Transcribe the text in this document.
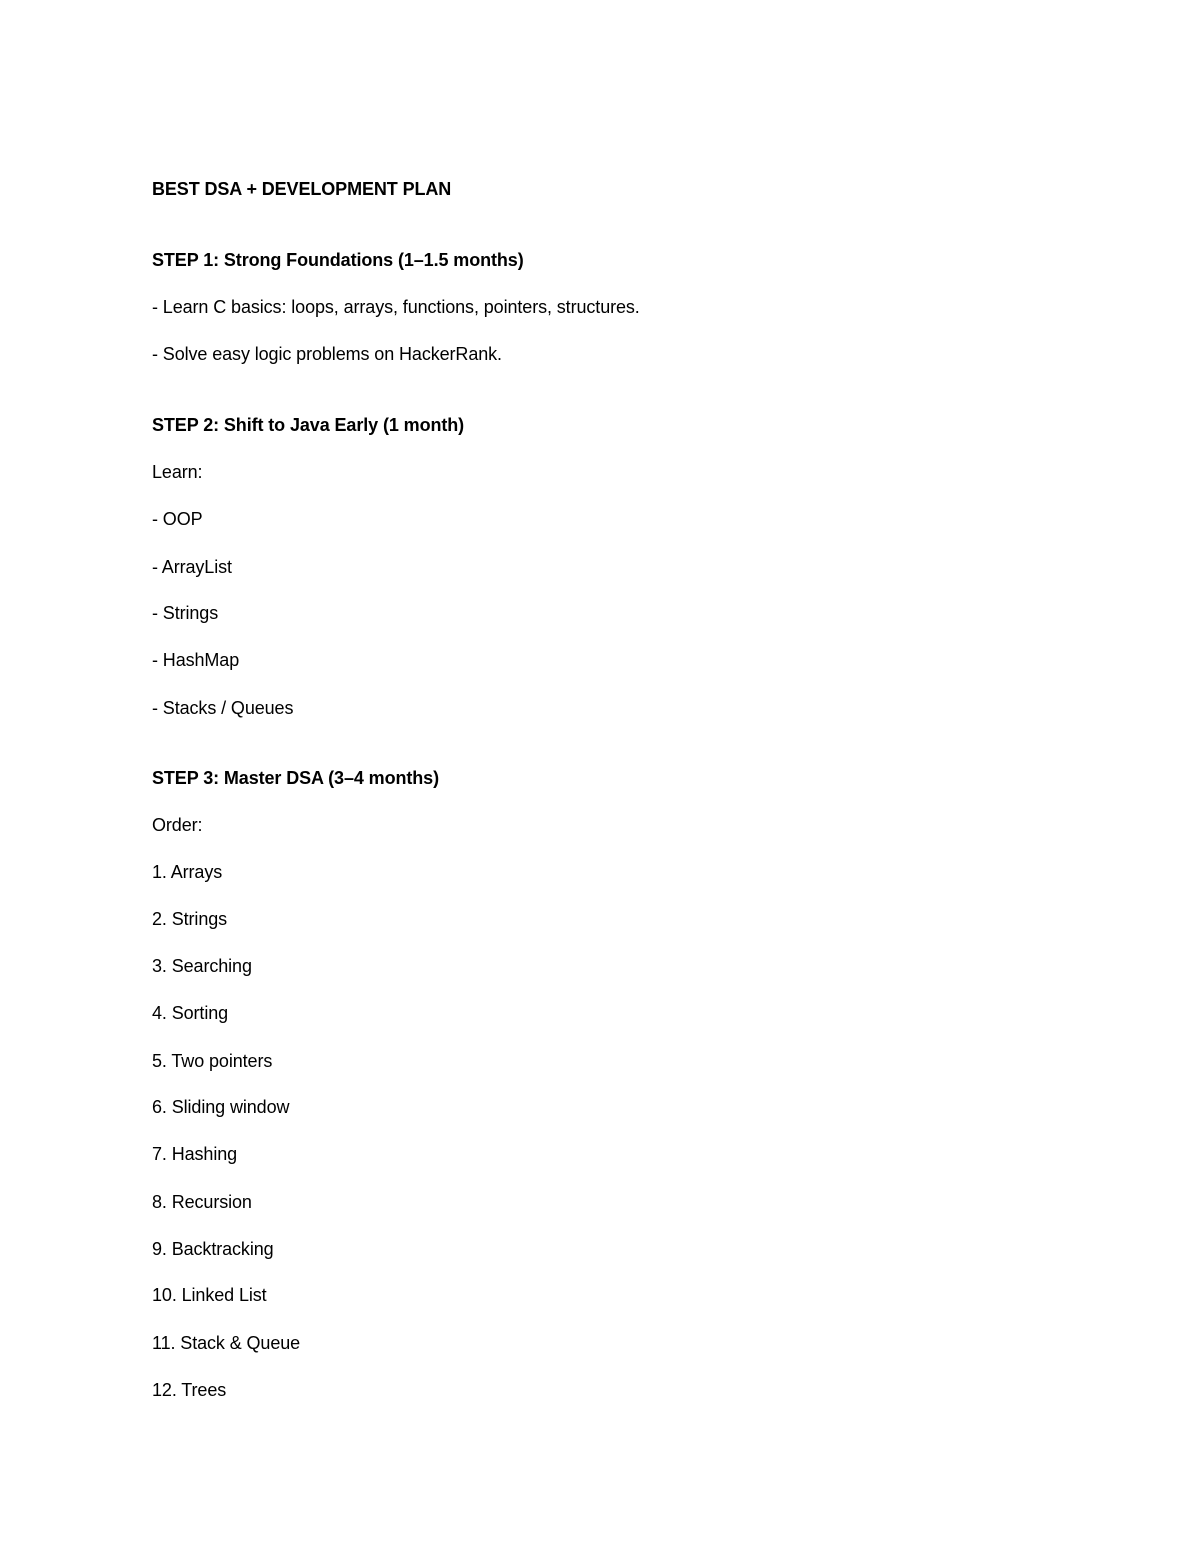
BEST DSA + DEVELOPMENT PLAN
STEP 1: Strong Foundations (1–1.5 months)
- Learn C basics: loops, arrays, functions, pointers, structures.
- Solve easy logic problems on HackerRank.
STEP 2: Shift to Java Early (1 month)
Learn:
- OOP
- ArrayList
- Strings
- HashMap
- Stacks / Queues
STEP 3: Master DSA (3–4 months)
Order:
1. Arrays
2. Strings
3. Searching
4. Sorting
5. Two pointers
6. Sliding window
7. Hashing
8. Recursion
9. Backtracking
10. Linked List
11. Stack & Queue
12. Trees
